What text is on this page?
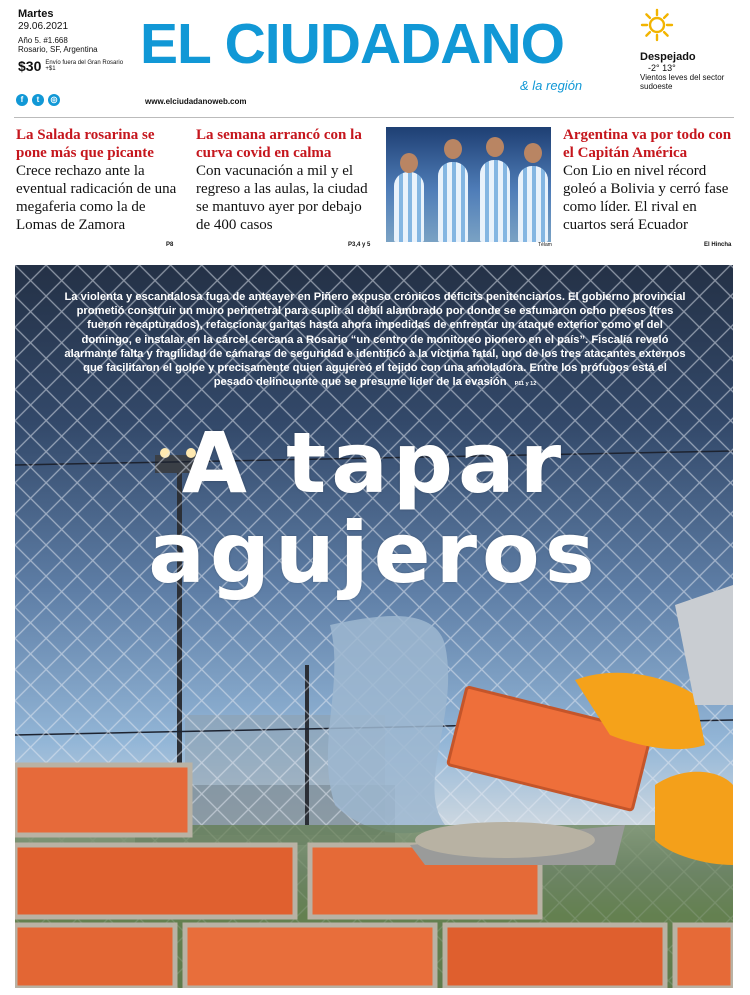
Martes
29.06.2021
Año 5. #1.668
Rosario, SF, Argentina
$30 Envío fuera del Gran Rosario +$1	EL CIUDADANO
& la región
Despejado
-2° 13°
Vientos leves del sector sudoeste
f	t	◎	www.elciudadanoweb.com
La Salada rosarina se pone más que picante
Crece rechazo ante la eventual radicación de una megaferia como la de Lomas de Zamora
P8
La semana arrancó con la curva covid en calma
Con vacunación a mil y el regreso a las aulas, la ciudad se mantuvo ayer por debajo de 400 casos
P3,4 y 5	Télam
Argentina va por todo con el Capitán América
Con Lio en nivel récord goleó a Bolivia y cerró fase como líder. El rival en cuartos será Ecuador
El Hincha
La violenta y escandalosa fuga de anteayer en Piñero expuso crónicos déficits penitenciarios. El gobierno provincial prometió construir un muro perimetral para suplir al débil alambrado por donde se esfumaron ocho presos (tres fueron recapturados), refaccionar garitas hasta ahora impedidas de enfrentar un ataque exterior como el del domingo, e instalar en la cárcel cercana a Rosario “un centro de monitoreo pionero en el país”. Fiscalía reveló alarmante falta y fragilidad de cámaras de seguridad e identificó a la víctima fatal, uno de los tres atacantes externos que facilitaron el golpe y precisamente quien agujereó el tejido con una amoladora. Entre los prófugos está el pesado delincuente que se presume líder de la evasión P11 y 12
A tapar
agujeros
